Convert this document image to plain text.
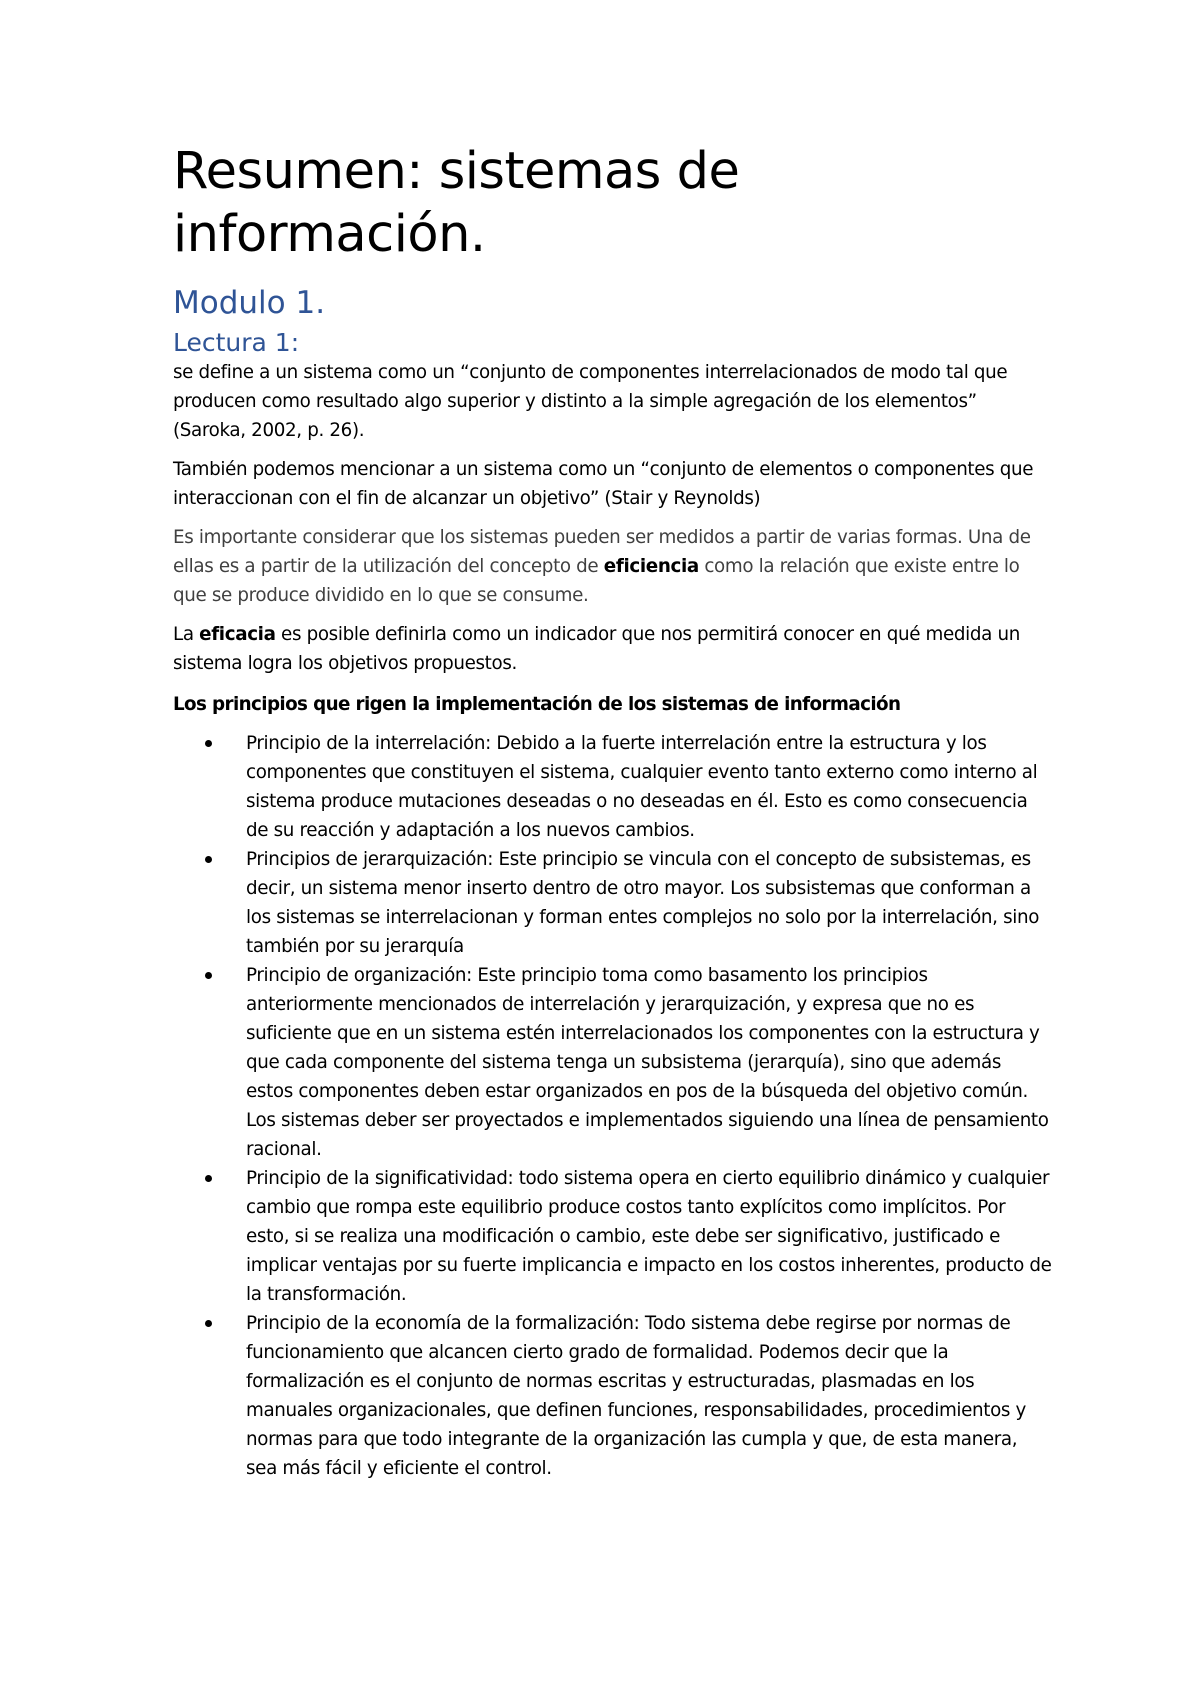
Resumen: sistemas de información.
Modulo 1.
Lectura 1:

se define a un sistema como un “conjunto de componentes interrelacionados de modo tal que producen como resultado algo superior y distinto a la simple agregación de los elementos” (Saroka, 2002, p. 26).

También podemos mencionar a un sistema como un “conjunto de elementos o componentes que interaccionan con el fin de alcanzar un objetivo” (Stair y Reynolds)

Es importante considerar que los sistemas pueden ser medidos a partir de varias formas. Una de ellas es a partir de la utilización del concepto de eficiencia como la relación que existe entre lo que se produce dividido en lo que se consume.

La eficacia es posible definirla como un indicador que nos permitirá conocer en qué medida un sistema logra los objetivos propuestos.

Los principios que rigen la implementación de los sistemas de información

Principio de la interrelación: Debido a la fuerte interrelación entre la estructura y los componentes que constituyen el sistema, cualquier evento tanto externo como interno al sistema produce mutaciones deseadas o no deseadas en él. Esto es como consecuencia de su reacción y adaptación a los nuevos cambios.
Principios de jerarquización: Este principio se vincula con el concepto de subsistemas, es decir, un sistema menor inserto dentro de otro mayor. Los subsistemas que conforman a los sistemas se interrelacionan y forman entes complejos no solo por la interrelación, sino también por su jerarquía
Principio de organización: Este principio toma como basamento los principios anteriormente mencionados de interrelación y jerarquización, y expresa que no es suficiente que en un sistema estén interrelacionados los componentes con la estructura y que cada componente del sistema tenga un subsistema (jerarquía), sino que además estos componentes deben estar organizados en pos de la búsqueda del objetivo común. Los sistemas deber ser proyectados e implementados siguiendo una línea de pensamiento racional.
Principio de la significatividad: todo sistema opera en cierto equilibrio dinámico y cualquier cambio que rompa este equilibrio produce costos tanto explícitos como implícitos. Por esto, si se realiza una modificación o cambio, este debe ser significativo, justificado e implicar ventajas por su fuerte implicancia e impacto en los costos inherentes, producto de la transformación.
Principio de la economía de la formalización: Todo sistema debe regirse por normas de funcionamiento que alcancen cierto grado de formalidad. Podemos decir que la formalización es el conjunto de normas escritas y estructuradas, plasmadas en los manuales organizacionales, que definen funciones, responsabilidades, procedimientos y normas para que todo integrante de la organización las cumpla y que, de esta manera, sea más fácil y eficiente el control.
